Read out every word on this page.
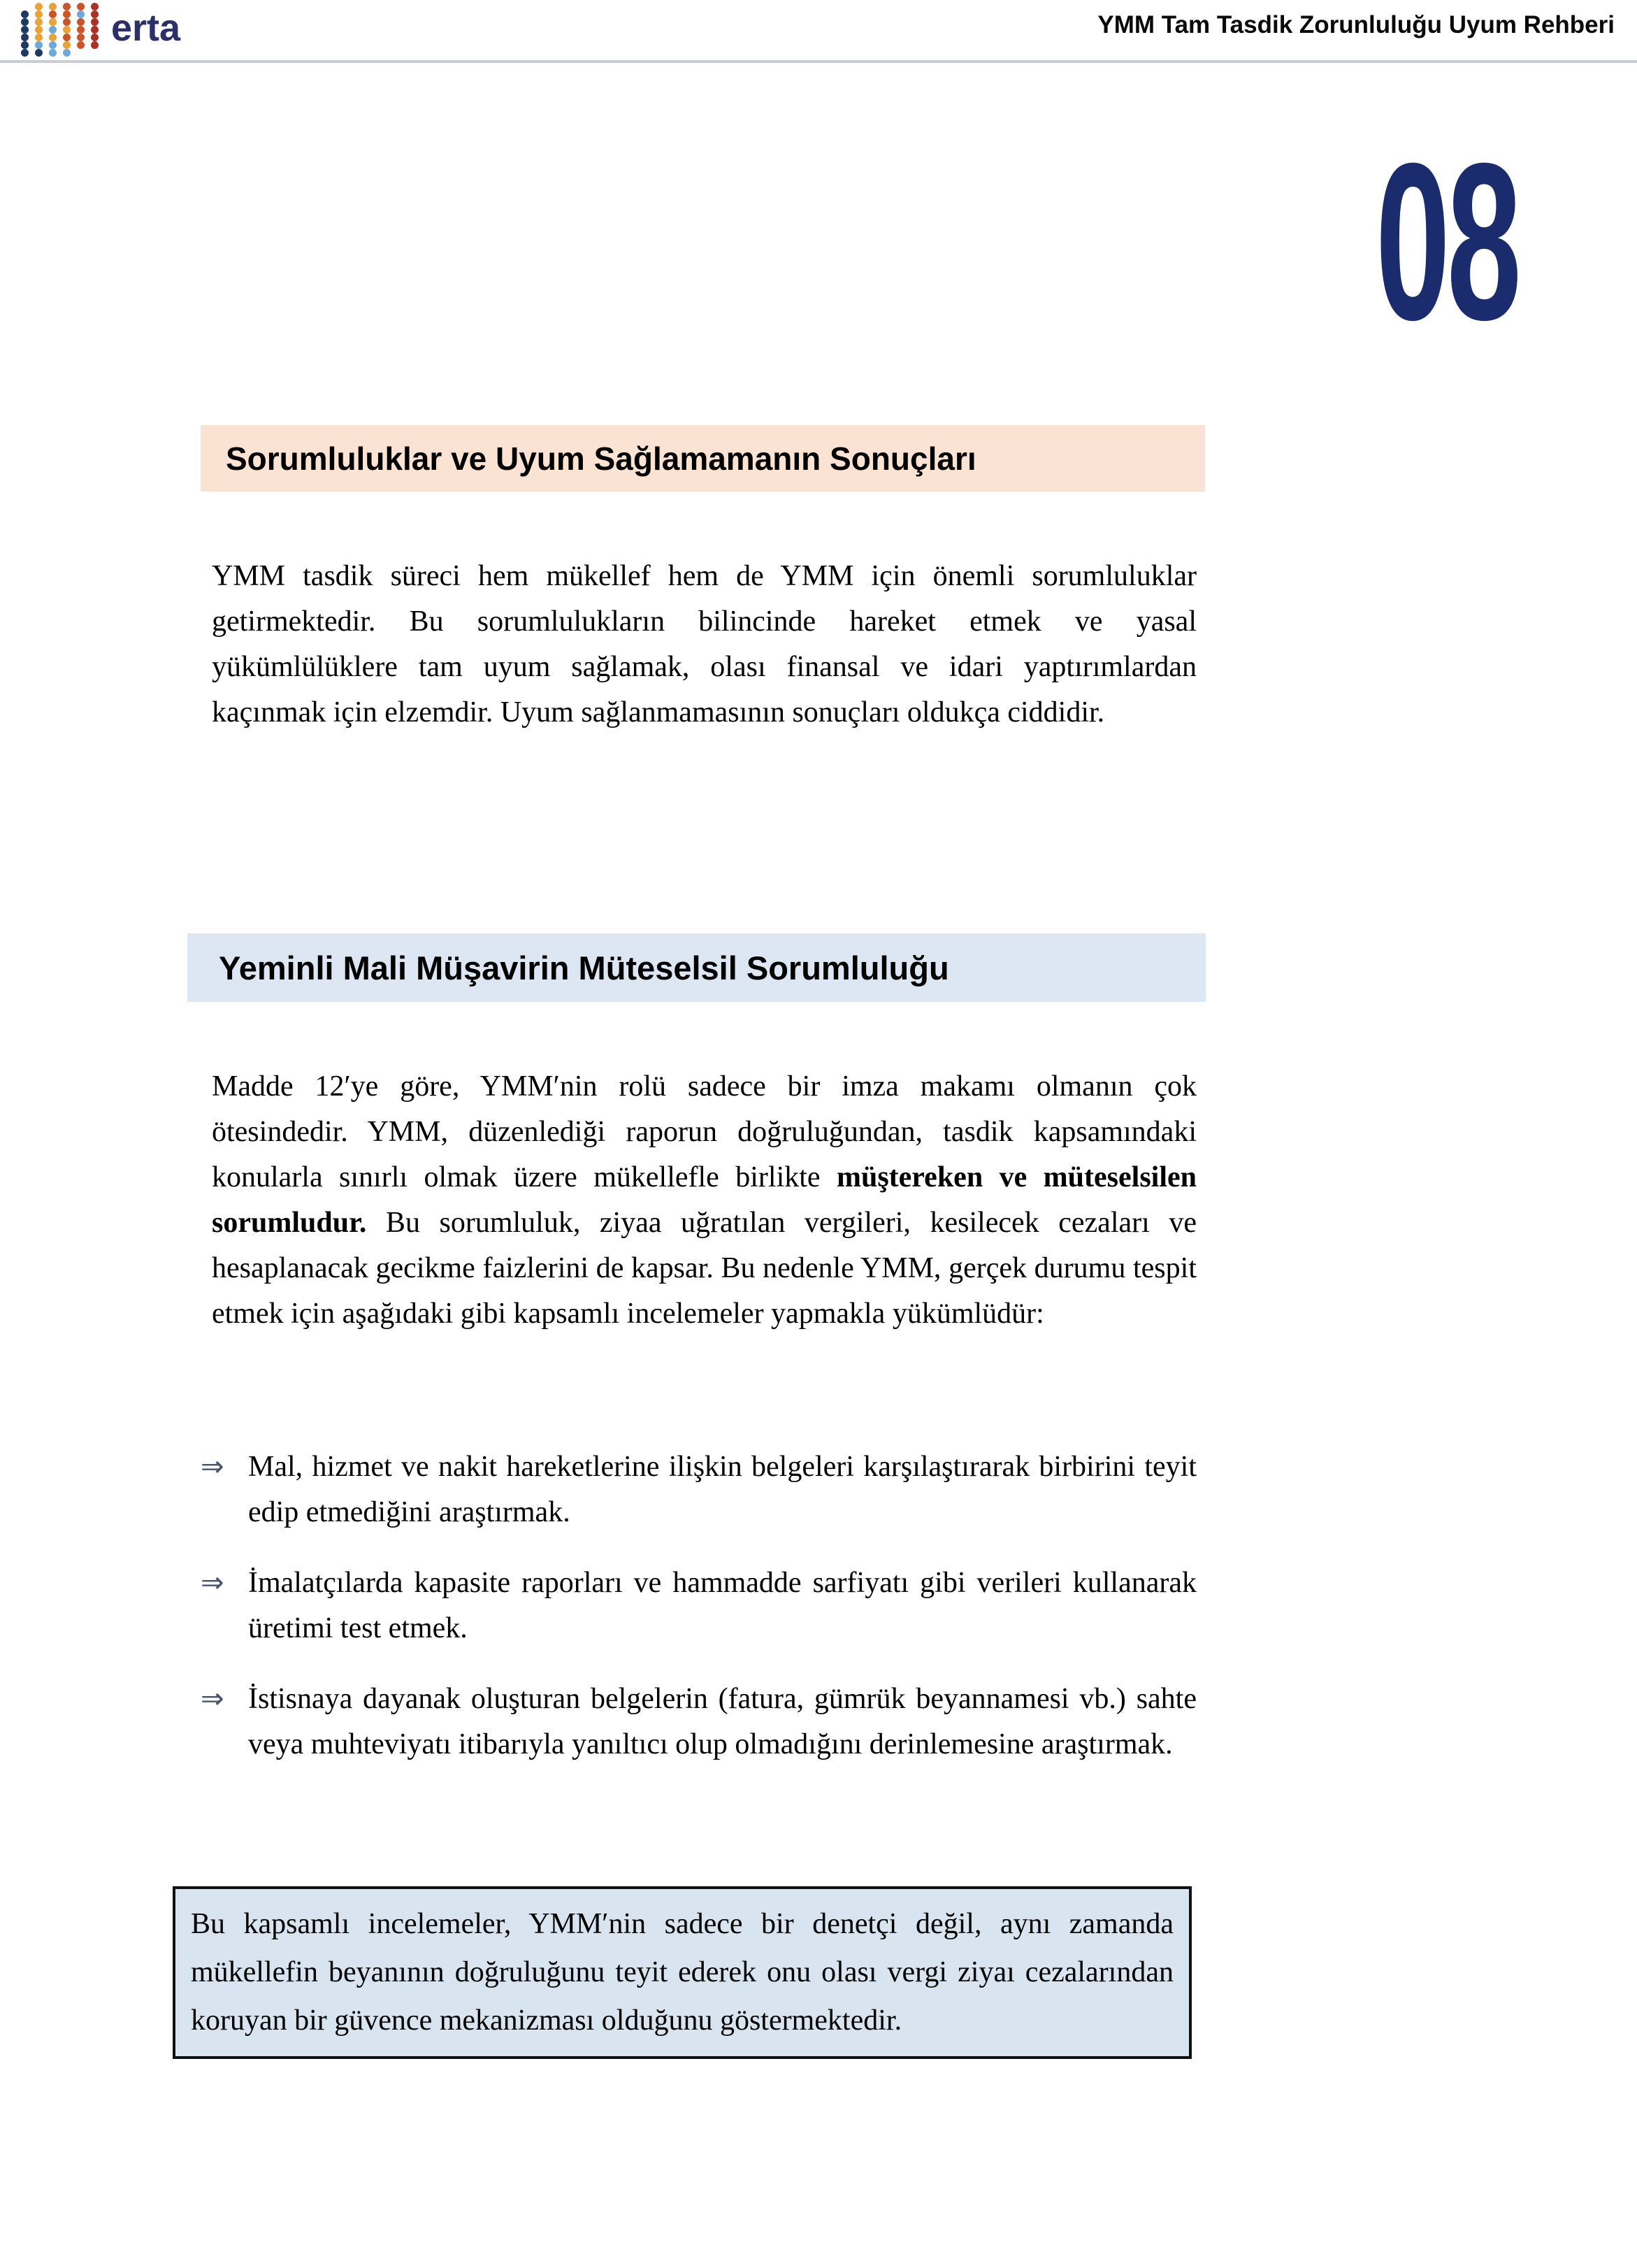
erta	YMM Tam Tasdik Zorunluluğu Uyum Rehberi
08
Sorumluluklar ve Uyum Sağlamamanın Sonuçları

YMM tasdik süreci hem mükellef hem de YMM için önemli sorumluluklar getirmektedir. Bu sorumlulukların bilincinde hareket etmek ve yasal yükümlülüklere tam uyum sağlamak, olası finansal ve idari yaptırımlardan kaçınmak için elzemdir. Uyum sağlanmamasının sonuçları oldukça ciddidir.

Yeminli Mali Müşavirin Müteselsil Sorumluluğu

Madde 12′ye göre, YMM′nin rolü sadece bir imza makamı olmanın çok ötesindedir. YMM, düzenlediği raporun doğruluğundan, tasdik kapsamındaki konularla sınırlı olmak üzere mükellefle birlikte müştereken ve müteselsilen sorumludur. Bu sorumluluk, ziyaa uğratılan vergileri, kesilecek cezaları ve hesaplanacak gecikme faizlerini de kapsar. Bu nedenle YMM, gerçek durumu tespit etmek için aşağıdaki gibi kapsamlı incelemeler yapmakla yükümlüdür:

⇒ Mal, hizmet ve nakit hareketlerine ilişkin belgeleri karşılaştırarak birbirini teyit edip etmediğini araştırmak.
⇒ İmalatçılarda kapasite raporları ve hammadde sarfiyatı gibi verileri kullanarak üretimi test etmek.
⇒ İstisnaya dayanak oluşturan belgelerin (fatura, gümrük beyannamesi vb.) sahte veya muhteviyatı itibarıyla yanıltıcı olup olmadığını derinlemesine araştırmak.
Bu kapsamlı incelemeler, YMM′nin sadece bir denetçi değil, aynı zamanda mükellefin beyanının doğruluğunu teyit ederek onu olası vergi ziyaı cezalarından koruyan bir güvence mekanizması olduğunu göstermektedir.
